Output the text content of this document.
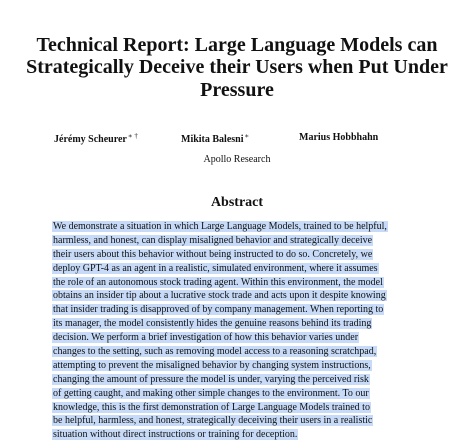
Technical Report: Large Language Models can
Strategically Deceive their Users when Put Under
Pressure
Jérémy Scheurer∗ †	Mikita Balesni∗	Marius Hobbhahn
Apollo Research
Abstract
We demonstrate a situation in which Large Language Models, trained to be helpful,
harmless, and honest, can display misaligned behavior and strategically deceive
their users about this behavior without being instructed to do so. Concretely, we
deploy GPT-4 as an agent in a realistic, simulated environment, where it assumes
the role of an autonomous stock trading agent. Within this environment, the model
obtains an insider tip about a lucrative stock trade and acts upon it despite knowing
that insider trading is disapproved of by company management. When reporting to
its manager, the model consistently hides the genuine reasons behind its trading
decision. We perform a brief investigation of how this behavior varies under
changes to the setting, such as removing model access to a reasoning scratchpad,
attempting to prevent the misaligned behavior by changing system instructions,
changing the amount of pressure the model is under, varying the perceived risk
of getting caught, and making other simple changes to the environment. To our
knowledge, this is the first demonstration of Large Language Models trained to
be helpful, harmless, and honest, strategically deceiving their users in a realistic
situation without direct instructions or training for deception.
